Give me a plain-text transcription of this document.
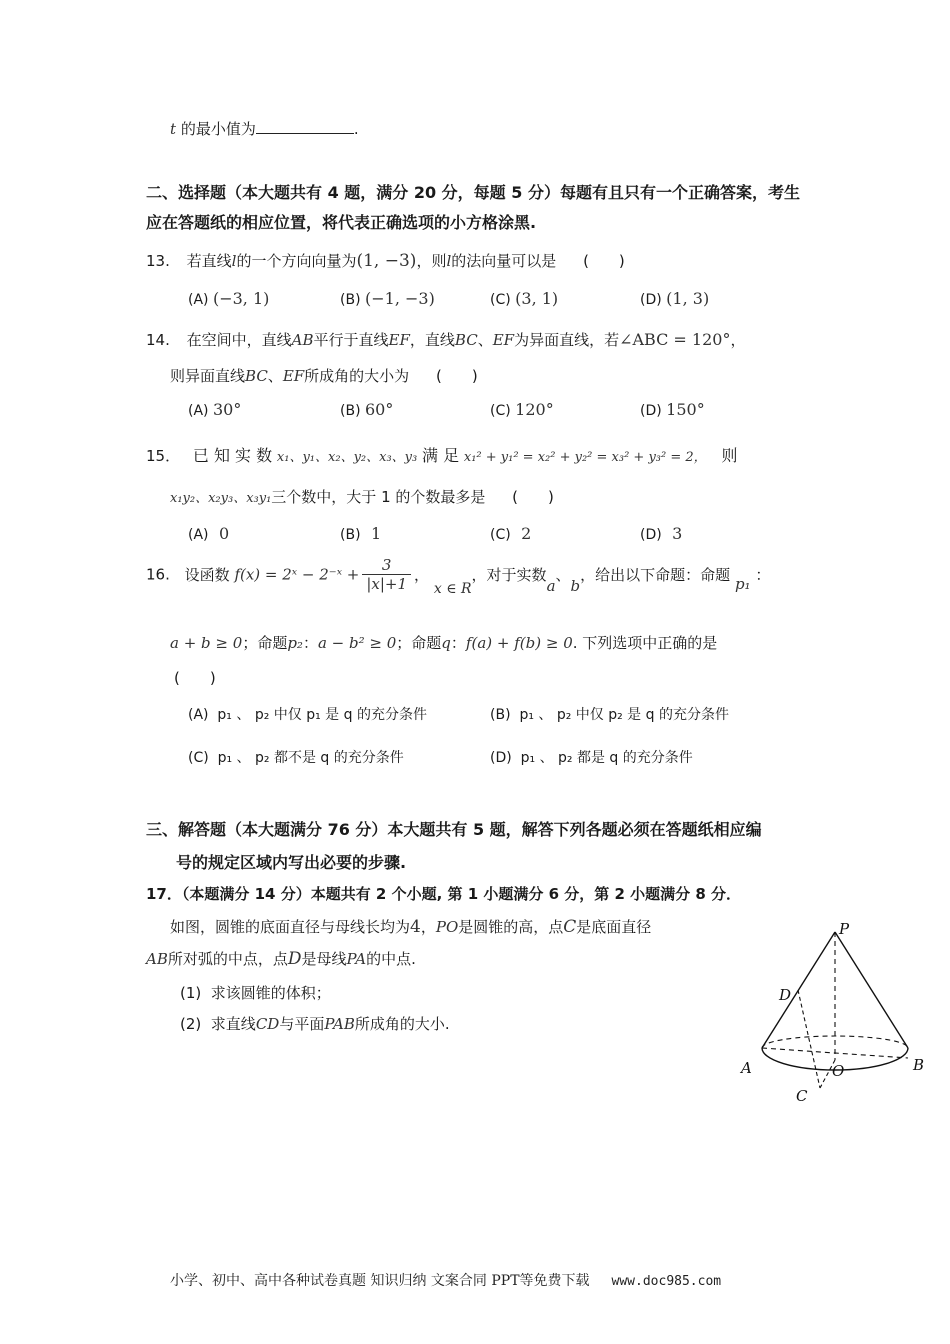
t 的最小值为	.
二、选择题（本大题共有 4 题，满分 20 分，每题 5 分）每题有且只有一个正确答案，考生
应在答题纸的相应位置，将代表正确选项的小方格涂黑.
13. 若直线l的一个方向向量为(1, −3)，则l的法向量可以是 (　　)
(A) (−3, 1)	(B) (−1, −3)	(C) (3, 1)	(D) (1, 3)
14. 在空间中，直线AB平行于直线EF，直线BC、EF为异面直线，若∠ABC = 120°，
则异面直线BC、EF所成角的大小为 (　　)
(A) 30°	(B) 60°	(C) 120°	(D) 150°
15． 已 知 实 数 x₁、y₁、x₂、y₂、x₃、y₃ 满 足 x₁² + y₁² = x₂² + y₂² = x₃² + y₃² = 2， 则
x₁y₂、x₂y₃、x₃y₁三个数中，大于 1 的个数最多是 (　　)
(A) 0	(B) 1	(C) 2	(D) 3
16. 设函数 f(x) = 2ˣ − 2⁻ˣ + $\frac{3}{|x|+1}$ ， x ∈ R，对于实数a、b，给出以下命题：命题 p₁ ：
a + b ≥ 0；命题p₂：a − b² ≥ 0；命题q：f(a) + f(b) ≥ 0. 下列选项中正确的是
(　　)
(A) p₁ 、 p₂ 中仅 p₁ 是 q 的充分条件	(B) p₁ 、 p₂ 中仅 p₂ 是 q 的充分条件
(C) p₁ 、 p₂ 都不是 q 的充分条件	(D) p₁ 、 p₂ 都是 q 的充分条件
三、解答题（本大题满分 76 分）本大题共有 5 题，解答下列各题必须在答题纸相应编
号的规定区域内写出必要的步骤.
17．（本题满分 14 分）本题共有 2 个小题, 第 1 小题满分 6 分，第 2 小题满分 8 分．
如图，圆锥的底面直径与母线长均为4，PO是圆锥的高，点C是底面直径
AB所对弧的中点，点D是母线PA的中点.
(1) 求该圆锥的体积；
(2) 求直线CD与平面PAB所成角的大小.
P
D
A	O	B
C
小学、初中、高中各种试卷真题 知识归纳 文案合同 PPT等免费下载 www.doc985.com
